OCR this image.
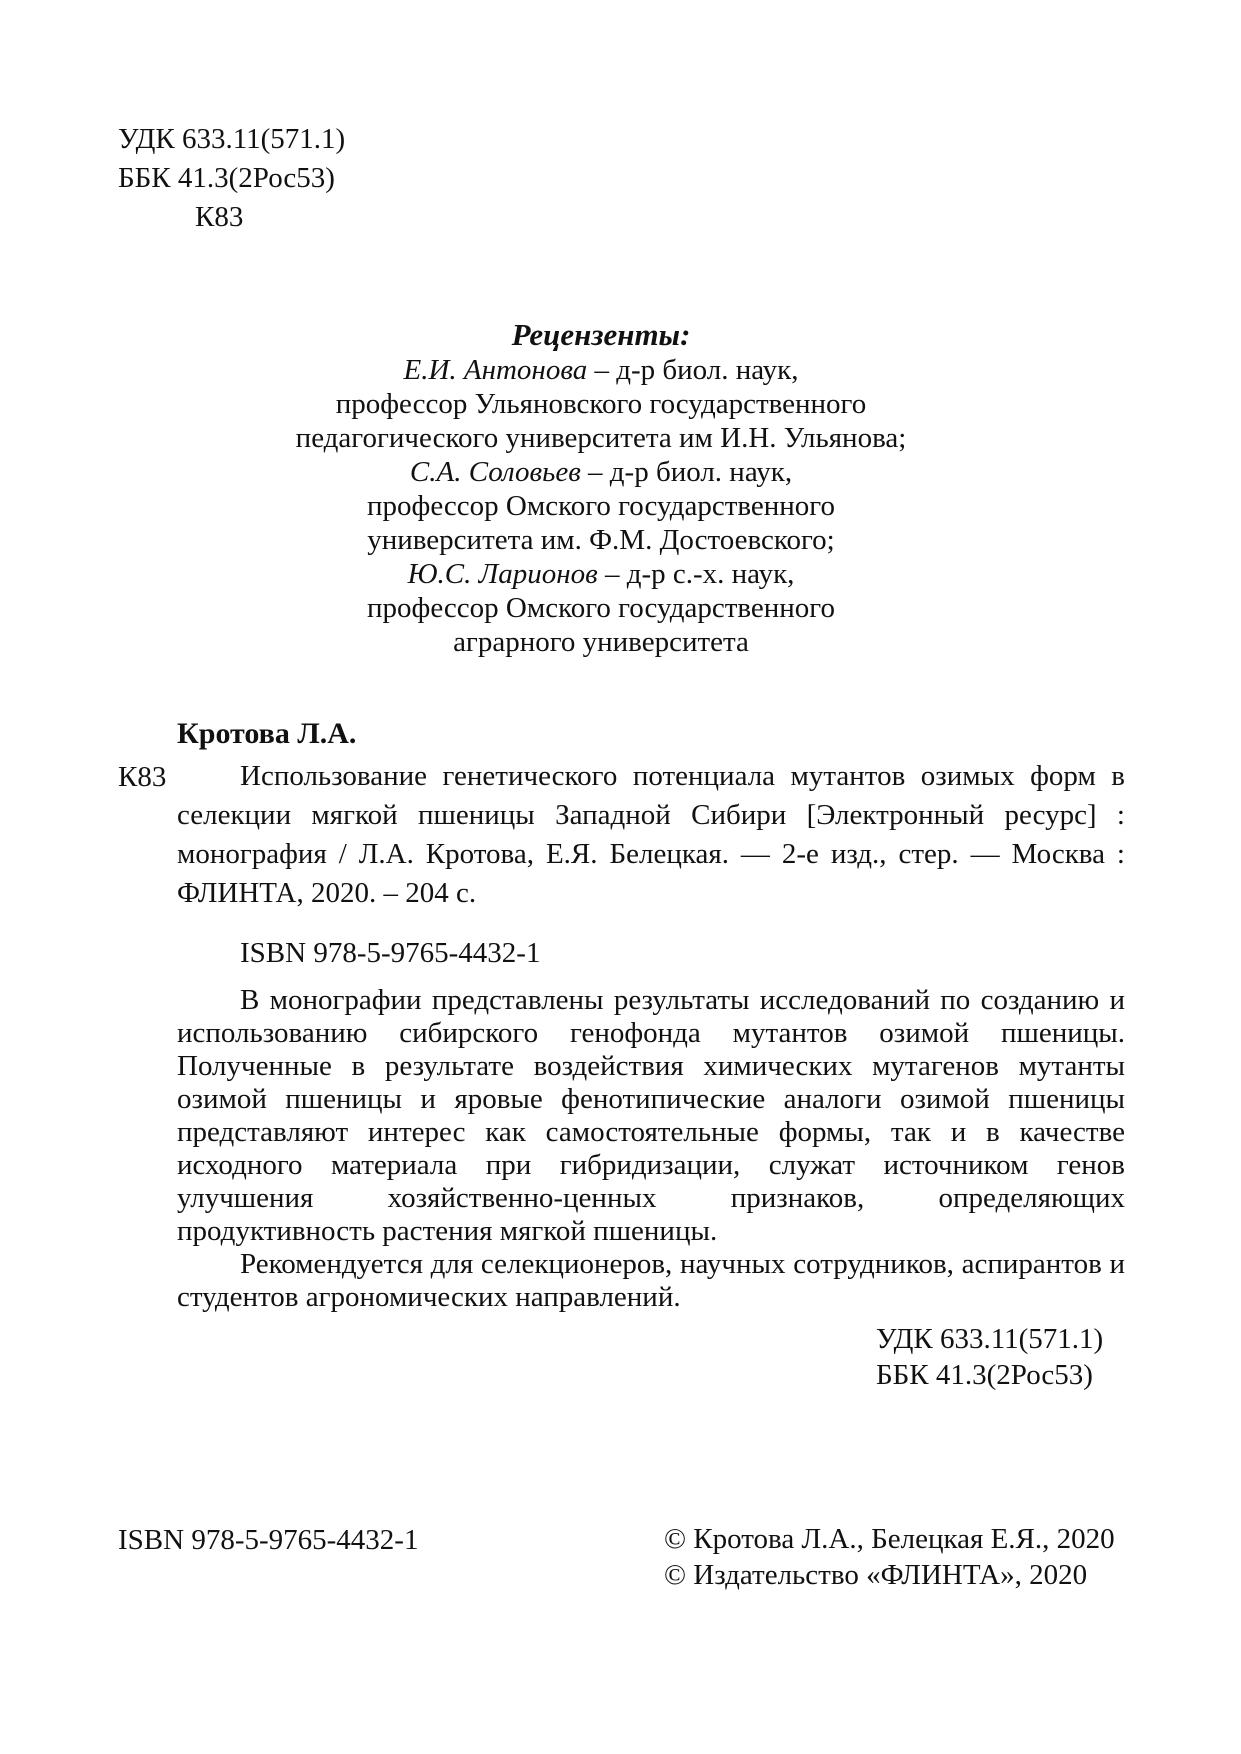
УДК 633.11(571.1)
ББК 41.3(2Рос53)
К83
Рецензенты:
Е.И. Антонова – д-р биол. наук,
профессор Ульяновского государственного
педагогического университета им И.Н. Ульянова;
С.А. Соловьев – д-р биол. наук,
профессор Омского государственного
университета им. Ф.М. Достоевского;
Ю.С. Ларионов – д-р с.-х. наук,
профессор Омского государственного
аграрного университета
Кротова Л.А.
К83	Использование генетического потенциала мутантов озимых форм в селекции мягкой пшеницы Западной Сибири [Электронный ресурс] : монография / Л.А. Кротова, Е.Я. Белецкая. — 2-е изд., стер. — Москва : ФЛИНТА, 2020. – 204 с.
ISBN 978-5-9765-4432-1

В монографии представлены результаты исследований по созданию и использованию сибирского генофонда мутантов озимой пшеницы. Полученные в результате воздействия химических мутагенов мутанты озимой пшеницы и яровые фенотипические аналоги озимой пшеницы представляют интерес как самостоятельные формы, так и в качестве исходного материала при гибридизации, служат источником генов улучшения хозяйственно-ценных признаков, определяющих продуктивность растения мягкой пшеницы.

Рекомендуется для селекционеров, научных сотрудников, аспирантов и студентов агрономических направлений.

УДК 633.11(571.1)
ББК 41.3(2Рос53)
ISBN 978-5-9765-4432-1	© Кротова Л.А., Белецкая Е.Я., 2020
© Издательство «ФЛИНТА», 2020
